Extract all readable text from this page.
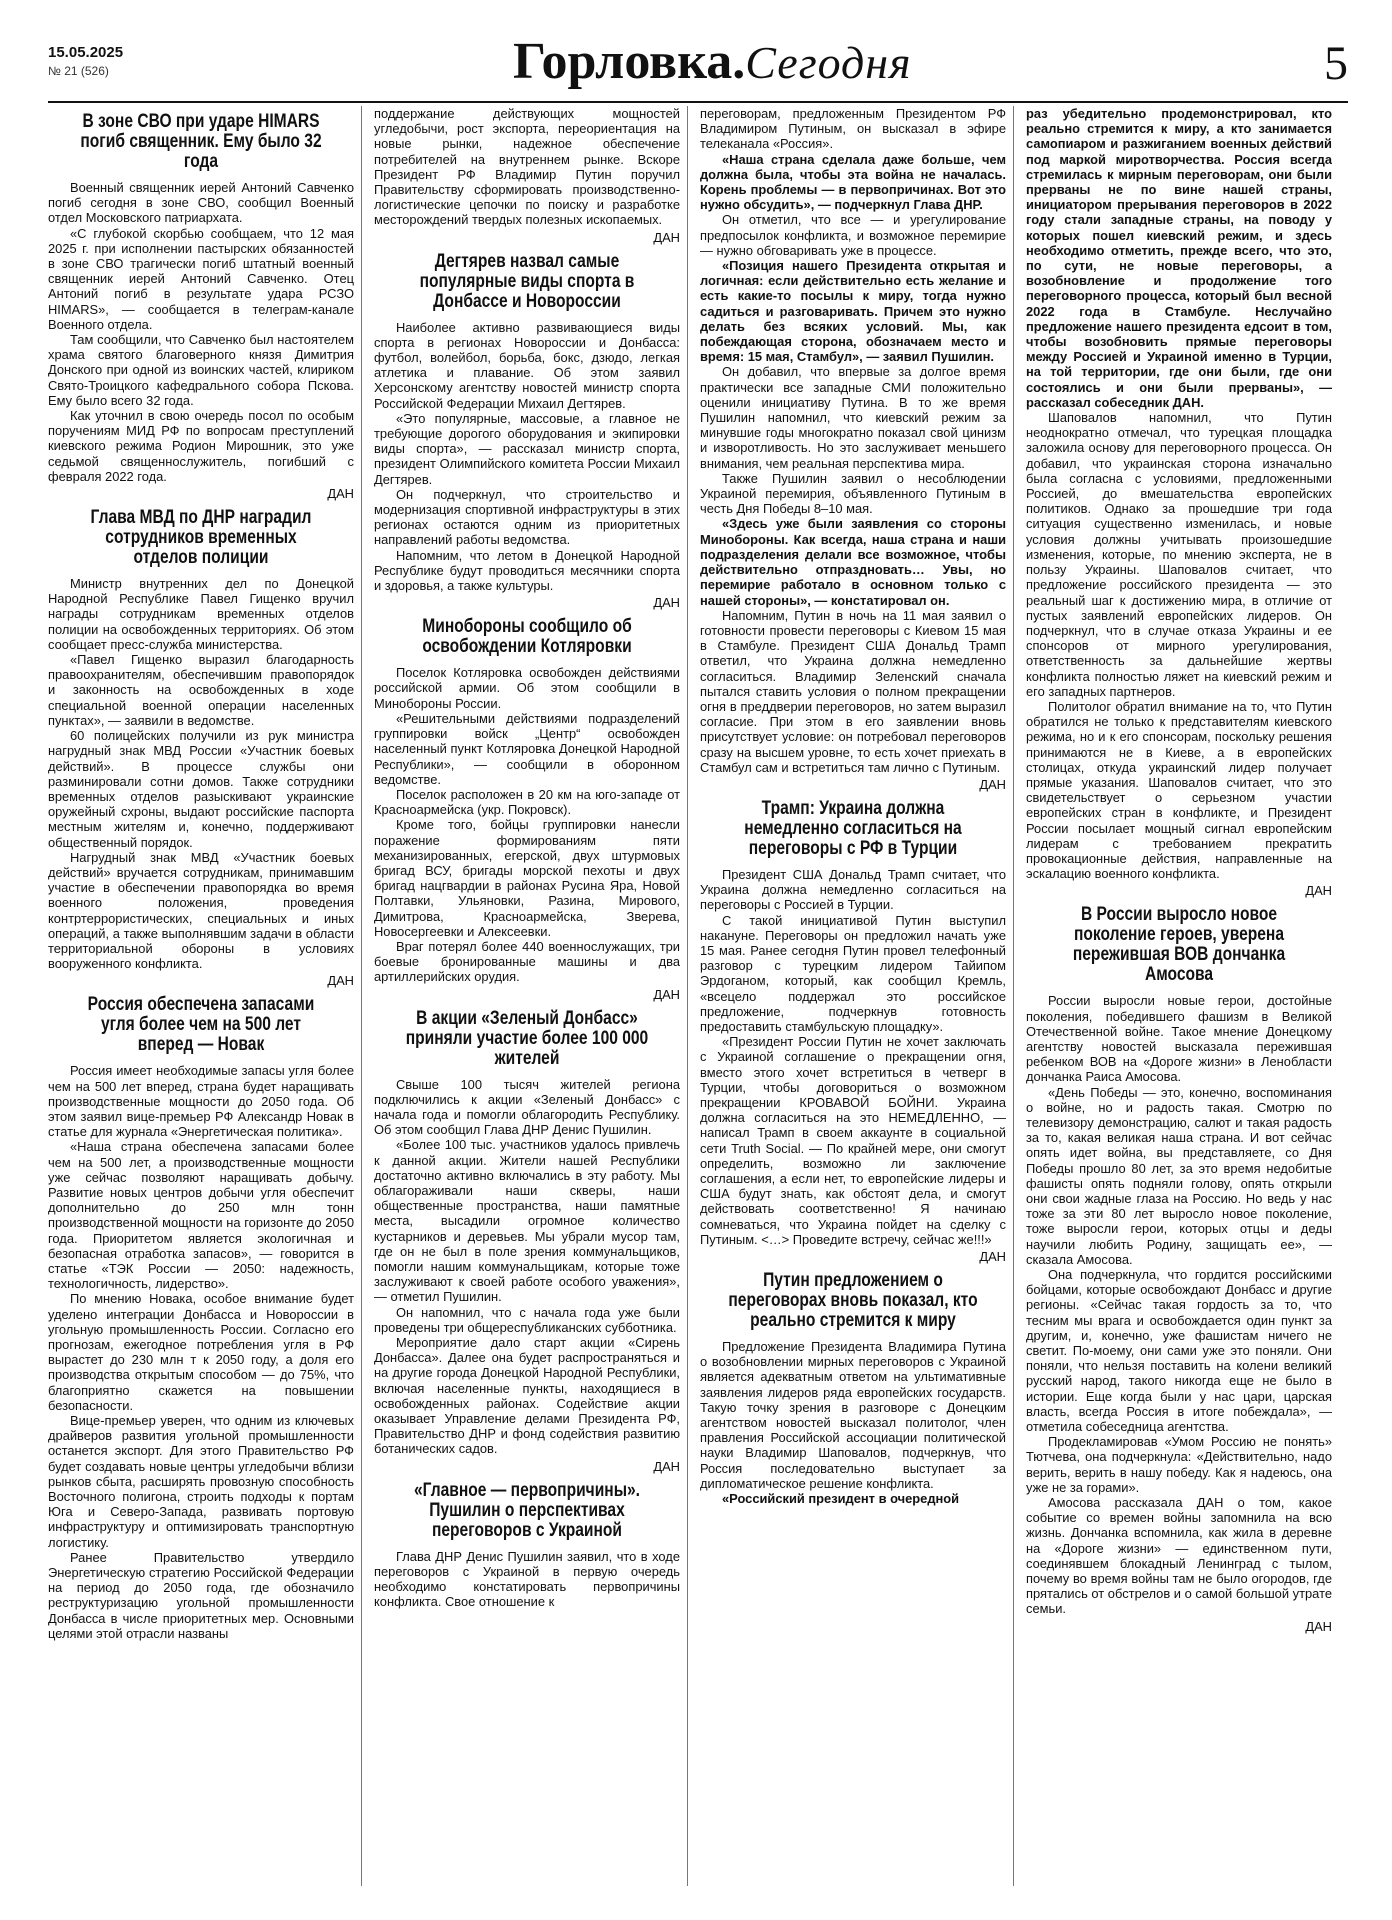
15.05.2025
№ 21 (526)	Горловка.Сегодня	5
В зоне СВО при ударе HIMARS погиб священник. Ему было 32 года

Военный священник иерей Антоний Савченко погиб сегодня в зоне СВО, сообщил Военный отдел Московского патриархата.

«С глубокой скорбью сообщаем, что 12 мая 2025 г. при исполнении пастырских обязанностей в зоне СВО трагически погиб штатный военный священник иерей Антоний Савченко. Отец Антоний погиб в результате удара РСЗО HIMARS», — сообщается в телеграм-канале Военного отдела.

Там сообщили, что Савченко был настоятелем храма святого благоверного князя Димитрия Донского при одной из воинских частей, клириком Свято-Троицкого кафедрального собора Пскова. Ему было всего 32 года.

Как уточнил в свою очередь посол по особым поручениям МИД РФ по вопросам преступлений киевского режима Родион Мирошник, это уже седьмой священнослужитель, погибший с февраля 2022 года.

ДАН
Глава МВД по ДНР наградил сотрудников временных отделов полиции

Министр внутренних дел по Донецкой Народной Республике Павел Гищенко вручил награды сотрудникам временных отделов полиции на освобожденных территориях. Об этом сообщает пресс-служба министерства.

«Павел Гищенко выразил благодарность правоохранителям, обеспечившим правопорядок и законность на освобожденных в ходе специальной военной операции населенных пунктах», — заявили в ведомстве.

60 полицейских получили из рук министра нагрудный знак МВД России «Участник боевых действий». В процессе службы они разминировали сотни домов. Также сотрудники временных отделов разыскивают украинские оружейный схроны, выдают российские паспорта местным жителям и, конечно, поддерживают общественный порядок.

Нагрудный знак МВД «Участник боевых действий» вручается сотрудникам, принимавшим участие в обеспечении правопорядка во время военного положения, проведения контртеррористических, специальных и иных операций, а также выполнявшим задачи в области территориальной обороны в условиях вооруженного конфликта.

ДАН
Россия обеспечена запасами угля более чем на 500 лет вперед — Новак

Россия имеет необходимые запасы угля более чем на 500 лет вперед, страна будет наращивать производственные мощности до 2050 года. Об этом заявил вице-премьер РФ Александр Новак в статье для журнала «Энергетическая политика».

«Наша страна обеспечена запасами более чем на 500 лет, а производственные мощности уже сейчас позволяют наращивать добычу. Развитие новых центров добычи угля обеспечит дополнительно до 250 млн тонн производственной мощности на горизонте до 2050 года. Приоритетом является экологичная и безопасная отработка запасов», — говорится в статье «ТЭК России — 2050: надежность, технологичность, лидерство».

По мнению Новака, особое внимание будет уделено интеграции Донбасса и Новороссии в угольную промышленность России. Согласно его прогнозам, ежегодное потребления угля в РФ вырастет до 230 млн т к 2050 году, а доля его производства открытым способом — до 75%, что благоприятно скажется на повышении безопасности.

Вице-премьер уверен, что одним из ключевых драйверов развития угольной промышленности останется экспорт. Для этого Правительство РФ будет создавать новые центры угледобычи вблизи рынков сбыта, расширять провозную способность Восточного полигона, строить подходы к портам Юга и Северо-Запада, развивать портовую инфраструктуру и оптимизировать транспортную логистику.

Ранее Правительство утвердило Энергетическую стратегию Российской Федерации на период до 2050 года, где обозначило реструктуризацию угольной промышленности Донбасса в числе приоритетных мер. Основными целями этой отрасли названы

поддержание действующих мощностей угледобычи, рост экспорта, переориентация на новые рынки, надежное обеспечение потребителей на внутреннем рынке. Вскоре Президент РФ Владимир Путин поручил Правительству сформировать производственно-логистические цепочки по поиску и разработке месторождений твердых полезных ископаемых.

ДАН
Дегтярев назвал самые популярные виды спорта в Донбассе и Новороссии

Наиболее активно развивающиеся виды спорта в регионах Новороссии и Донбасса: футбол, волейбол, борьба, бокс, дзюдо, легкая атлетика и плавание. Об этом заявил Херсонскому агентству новостей министр спорта Российской Федерации Михаил Дегтярев.

«Это популярные, массовые, а главное не требующие дорогого оборудования и экипировки виды спорта», — рассказал министр спорта, президент Олимпийского комитета России Михаил Дегтярев.

Он подчеркнул, что строительство и модернизация спортивной инфраструктуры в этих регионах остаются одним из приоритетных направлений работы ведомства.

Напомним, что летом в Донецкой Народной Республике будут проводиться месячники спорта и здоровья, а также культуры.

ДАН
Минобороны сообщило об освобождении Котляровки

Поселок Котляровка освобожден действиями российской армии. Об этом сообщили в Минобороны России.

«Решительными действиями подразделений группировки войск „Центр“ освобожден населенный пункт Котляровка Донецкой Народной Республики», — сообщили в оборонном ведомстве.

Поселок расположен в 20 км на юго-западе от Красноармейска (укр. Покровск).

Кроме того, бойцы группировки нанесли поражение формированиям пяти механизированных, егерской, двух штурмовых бригад ВСУ, бригады морской пехоты и двух бригад нацгвардии в районах Русина Яра, Новой Полтавки, Ульяновки, Разина, Мирового, Димитрова, Красноармейска, Зверева, Новосергеевки и Алексеевки.

Враг потерял более 440 военнослужащих, три боевые бронированные машины и два артиллерийских орудия.

ДАН
В акции «Зеленый Донбасс» приняли участие более 100 000 жителей

Свыше 100 тысяч жителей региона подключились к акции «Зеленый Донбасс» с начала года и помогли облагородить Республику. Об этом сообщил Глава ДНР Денис Пушилин.

«Более 100 тыс. участников удалось привлечь к данной акции. Жители нашей Республики достаточно активно включались в эту работу. Мы облагораживали наши скверы, наши общественные пространства, наши памятные места, высадили огромное количество кустарников и деревьев. Мы убрали мусор там, где он не был в поле зрения коммунальщиков, помогли нашим коммунальщикам, которые тоже заслуживают к своей работе особого уважения», — отметил Пушилин.

Он напомнил, что с начала года уже были проведены три общереспубликанских субботника.

Мероприятие дало старт акции «Сирень Донбасса». Далее она будет распространяться и на другие города Донецкой Народной Республики, включая населенные пункты, находящиеся в освобожденных районах. Содействие акции оказывает Управление делами Президента РФ, Правительство ДНР и фонд содействия развитию ботанических садов.

ДАН
«Главное — первопричины». Пушилин о перспективах переговоров с Украиной

Глава ДНР Денис Пушилин заявил, что в ходе переговоров с Украиной в первую очередь необходимо констатировать первопричины конфликта. Свое отношение к

переговорам, предложенным Президентом РФ Владимиром Путиным, он высказал в эфире телеканала «Россия».

«Наша страна сделала даже больше, чем должна была, чтобы эта война не началась. Корень проблемы — в первопричинах. Вот это нужно обсудить», — подчеркнул Глава ДНР.

Он отметил, что все — и урегулирование предпосылок конфликта, и возможное перемирие — нужно обговаривать уже в процессе.

«Позиция нашего Президента открытая и логичная: если действительно есть желание и есть какие-то посылы к миру, тогда нужно садиться и разговаривать. Причем это нужно делать без всяких условий. Мы, как побеждающая сторона, обозначаем место и время: 15 мая, Стамбул», — заявил Пушилин.

Он добавил, что впервые за долгое время практически все западные СМИ положительно оценили инициативу Путина. В то же время Пушилин напомнил, что киевский режим за минувшие годы многократно показал свой цинизм и изворотливость. Но это заслуживает меньшего внимания, чем реальная перспектива мира.

Также Пушилин заявил о несоблюдении Украиной перемирия, объявленного Путиным в честь Дня Победы 8–10 мая.

«Здесь уже были заявления со стороны Минобороны. Как всегда, наша страна и наши подразделения делали все возможное, чтобы действительно отпраздновать… Увы, но перемирие работало в основном только с нашей стороны», — констатировал он.

Напомним, Путин в ночь на 11 мая заявил о готовности провести переговоры с Киевом 15 мая в Стамбуле. Президент США Дональд Трамп ответил, что Украина должна немедленно согласиться. Владимир Зеленский сначала пытался ставить условия о полном прекращении огня в преддверии переговоров, но затем выразил согласие. При этом в его заявлении вновь присутствует условие: он потребовал переговоров сразу на высшем уровне, то есть хочет приехать в Стамбул сам и встретиться там лично с Путиным.

ДАН
Трамп: Украина должна немедленно согласиться на переговоры с РФ в Турции

Президент США Дональд Трамп считает, что Украина должна немедленно согласиться на переговоры с Россией в Турции.

С такой инициативой Путин выступил накануне. Переговоры он предложил начать уже 15 мая. Ранее сегодня Путин провел телефонный разговор с турецким лидером Тайипом Эрдоганом, который, как сообщил Кремль, «всецело поддержал это российское предложение, подчеркнув готовность предоставить стамбульскую площадку».

«Президент России Путин не хочет заключать с Украиной соглашение о прекращении огня, вместо этого хочет встретиться в четверг в Турции, чтобы договориться о возможном прекращении КРОВАВОЙ БОЙНИ. Украина должна согласиться на это НЕМЕДЛЕННО, — написал Трамп в своем аккаунте в социальной сети Truth Social. — По крайней мере, они смогут определить, возможно ли заключение соглашения, а если нет, то европейские лидеры и США будут знать, как обстоят дела, и смогут действовать соответственно! Я начинаю сомневаться, что Украина пойдет на сделку с Путиным. <…> Проведите встречу, сейчас же!!!»

ДАН
Путин предложением о переговорах вновь показал, кто реально стремится к миру

Предложение Президента Владимира Путина о возобновлении мирных переговоров с Украиной является адекватным ответом на ультимативные заявления лидеров ряда европейских государств. Такую точку зрения в разговоре с Донецким агентством новостей высказал политолог, член правления Российской ассоциации политической науки Владимир Шаповалов, подчеркнув, что Россия последовательно выступает за дипломатическое решение конфликта.

«Российский президент в очередной

раз убедительно продемонстрировал, кто реально стремится к миру, а кто занимается самопиаром и разжиганием военных действий под маркой миротворчества. Россия всегда стремилась к мирным переговорам, они были прерваны не по вине нашей страны, инициатором прерывания переговоров в 2022 году стали западные страны, на поводу у которых пошел киевский режим, и здесь необходимо отметить, прежде всего, что это, по сути, не новые переговоры, а возобновление и продолжение того переговорного процесса, который был весной 2022 года в Стамбуле. Неслучайно предложение нашего президента едсоит в том, чтобы возобновить прямые переговоры между Россией и Украиной именно в Турции, на той территории, где они были, где они состоялись и они были прерваны», — рассказал собеседник ДАН.

Шаповалов напомнил, что Путин неоднократно отмечал, что турецкая площадка заложила основу для переговорного процесса. Он добавил, что украинская сторона изначально была согласна с условиями, предложенными Россией, до вмешательства европейских политиков. Однако за прошедшие три года ситуация существенно изменилась, и новые условия должны учитывать произошедшие изменения, которые, по мнению эксперта, не в пользу Украины. Шаповалов считает, что предложение российского президента — это реальный шаг к достижению мира, в отличие от пустых заявлений европейских лидеров. Он подчеркнул, что в случае отказа Украины и ее спонсоров от мирного урегулирования, ответственность за дальнейшие жертвы конфликта полностью ляжет на киевский режим и его западных партнеров.

Политолог обратил внимание на то, что Путин обратился не только к представителям киевского режима, но и к его спонсорам, поскольку решения принимаются не в Киеве, а в европейских столицах, откуда украинский лидер получает прямые указания. Шаповалов считает, что это свидетельствует о серьезном участии европейских стран в конфликте, и Президент России посылает мощный сигнал европейским лидерам с требованием прекратить провокационные действия, направленные на эскалацию военного конфликта.

ДАН
В России выросло новое поколение героев, уверена пережившая ВОВ дончанка Амосова

России выросли новые герои, достойные поколения, победившего фашизм в Великой Отечественной войне. Такое мнение Донецкому агентству новостей высказала пережившая ребенком ВОВ на «Дороге жизни» в Ленобласти дончанка Раиса Амосова.

«День Победы — это, конечно, воспоминания о войне, но и радость такая. Смотрю по телевизору демонстрацию, салют и такая радость за то, какая великая наша страна. И вот сейчас опять идет война, вы представляете, со Дня Победы прошло 80 лет, за это время недобитые фашисты опять подняли голову, опять открыли они свои жадные глаза на Россию. Но ведь у нас тоже за эти 80 лет выросло новое поколение, тоже выросли герои, которых отцы и деды научили любить Родину, защищать ее», — сказала Амосова.

Она подчеркнула, что гордится российскими бойцами, которые освобождают Донбасс и другие регионы. «Сейчас такая гордость за то, что тесним мы врага и освобождается один пункт за другим, и, конечно, уже фашистам ничего не светит. По-моему, они сами уже это поняли. Они поняли, что нельзя поставить на колени великий русский народ, такого никогда еще не было в истории. Еще когда были у нас цари, царская власть, всегда Россия в итоге побеждала», — отметила собеседница агентства.

Продекламировав «Умом Россию не понять» Тютчева, она подчеркнула: «Действительно, надо верить, верить в нашу победу. Как я надеюсь, она уже не за горами».

Амосова рассказала ДАН о том, какое событие со времен войны запомнила на всю жизнь. Дончанка вспомнила, как жила в деревне на «Дороге жизни» — единственном пути, соединявшем блокадный Ленинград с тылом, почему во время войны там не было огородов, где прятались от обстрелов и о самой большой утрате семьи.

ДАН
